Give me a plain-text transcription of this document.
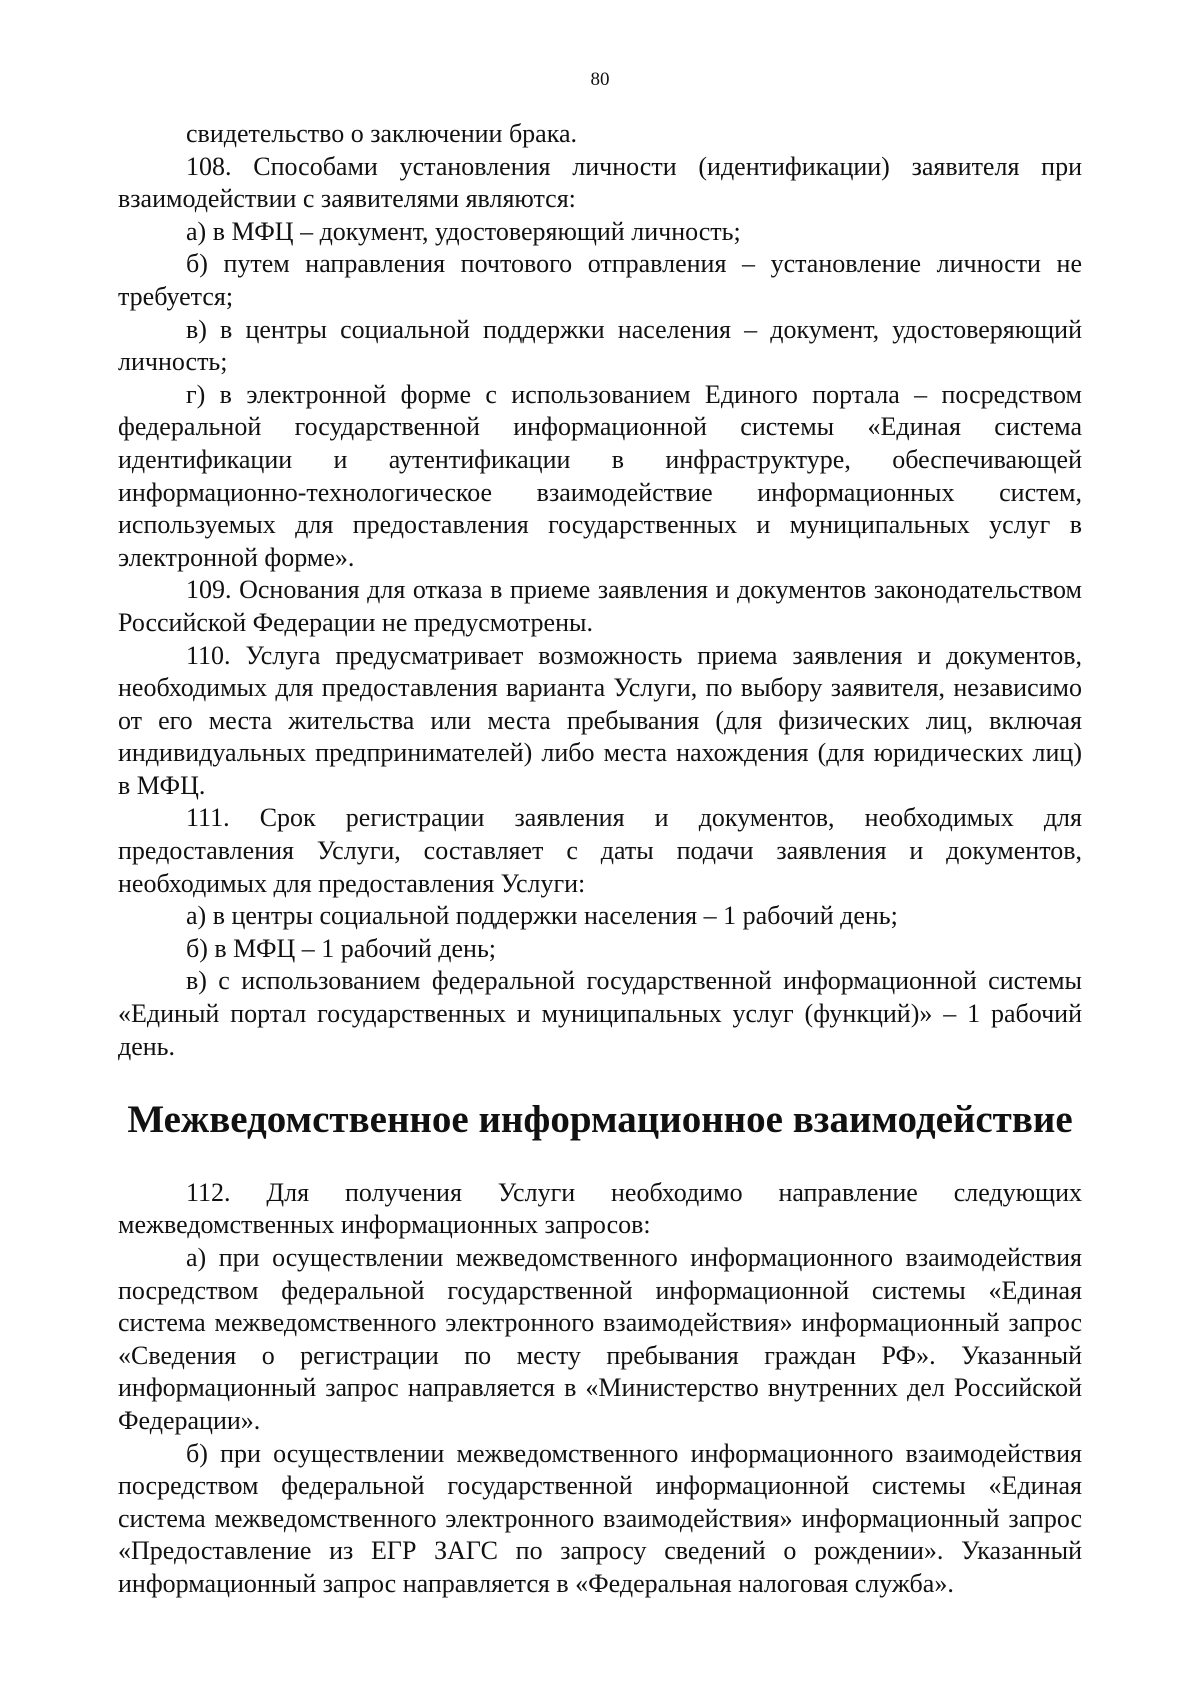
80

свидетельство о заключении брака.

108. Способами установления личности (идентификации) заявителя при взаимодействии с заявителями являются:

а) в МФЦ – документ, удостоверяющий личность;

б) путем направления почтового отправления – установление личности не требуется;

в) в центры социальной поддержки населения – документ, удостоверяющий личность;

г) в электронной форме с использованием Единого портала – посредством федеральной государственной информационной системы «Единая система идентификации и аутентификации в инфраструктуре, обеспечивающей информационно-технологическое взаимодействие информационных систем, используемых для предоставления государственных и муниципальных услуг в электронной форме».

109. Основания для отказа в приеме заявления и документов законодательством Российской Федерации не предусмотрены.

110. Услуга предусматривает возможность приема заявления и документов, необходимых для предоставления варианта Услуги, по выбору заявителя, независимо от его места жительства или места пребывания (для физических лиц, включая индивидуальных предпринимателей) либо места нахождения (для юридических лиц) в МФЦ.

111. Срок регистрации заявления и документов, необходимых для предоставления Услуги, составляет с даты подачи заявления и документов, необходимых для предоставления Услуги:

а) в центры социальной поддержки населения – 1 рабочий день;

б) в МФЦ – 1 рабочий день;

в) с использованием федеральной государственной информационной системы «Единый портал государственных и муниципальных услуг (функций)» – 1 рабочий день.

Межведомственное информационное взаимодействие

112. Для получения Услуги необходимо направление следующих межведомственных информационных запросов:

а) при осуществлении межведомственного информационного взаимодействия посредством федеральной государственной информационной системы «Единая система межведомственного электронного взаимодействия» информационный запрос «Сведения о регистрации по месту пребывания граждан РФ». Указанный информационный запрос направляется в «Министерство внутренних дел Российской Федерации».

б) при осуществлении межведомственного информационного взаимодействия посредством федеральной государственной информационной системы «Единая система межведомственного электронного взаимодействия» информационный запрос «Предоставление из ЕГР ЗАГС по запросу сведений о рождении». Указанный информационный запрос направляется в «Федеральная налоговая служба».
